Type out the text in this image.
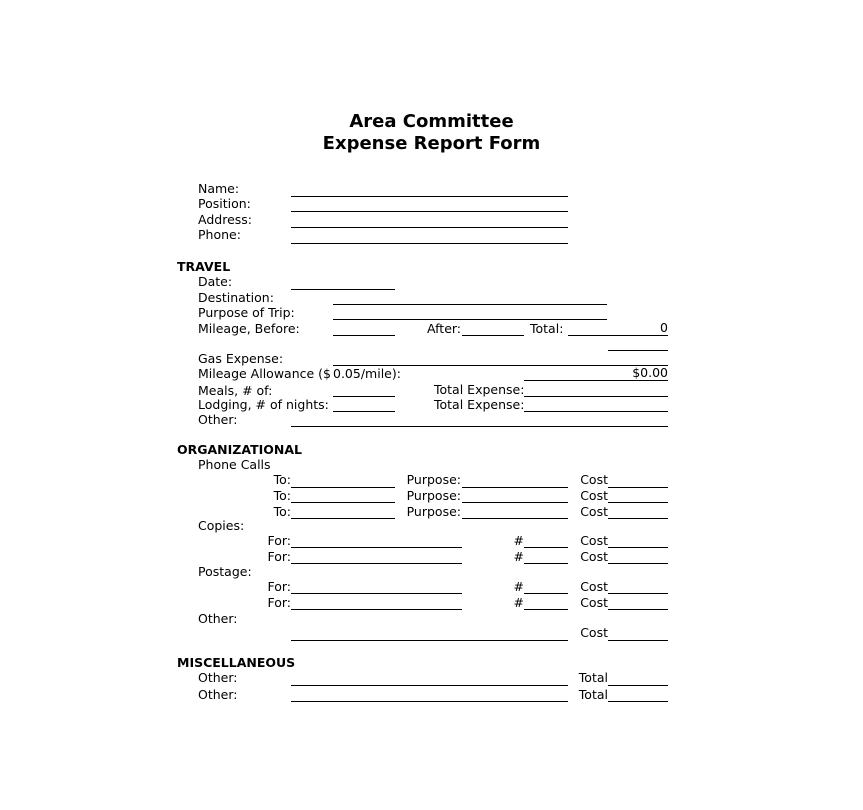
Area Committee
Expense Report Form
Name:
Position:
Address:
Phone:
TRAVEL
Date:
Destination:
Purpose of Trip:
Mileage, Before:	After:	Total:	0
Gas Expense:
Mileage Allowance ($ 0.05/mile):	$0.00
Meals, # of:	Total Expense:
Lodging, # of nights:	Total Expense:
Other:
ORGANIZATIONAL
Phone Calls
To:	Purpose:	Cost
To:	Purpose:	Cost
To:	Purpose:	Cost
Copies:
For:	#	Cost
For:	#	Cost
Postage:
For:	#	Cost
For:	#	Cost
Other:
Cost
MISCELLANEOUS
Other:	Total
Other:	Total
